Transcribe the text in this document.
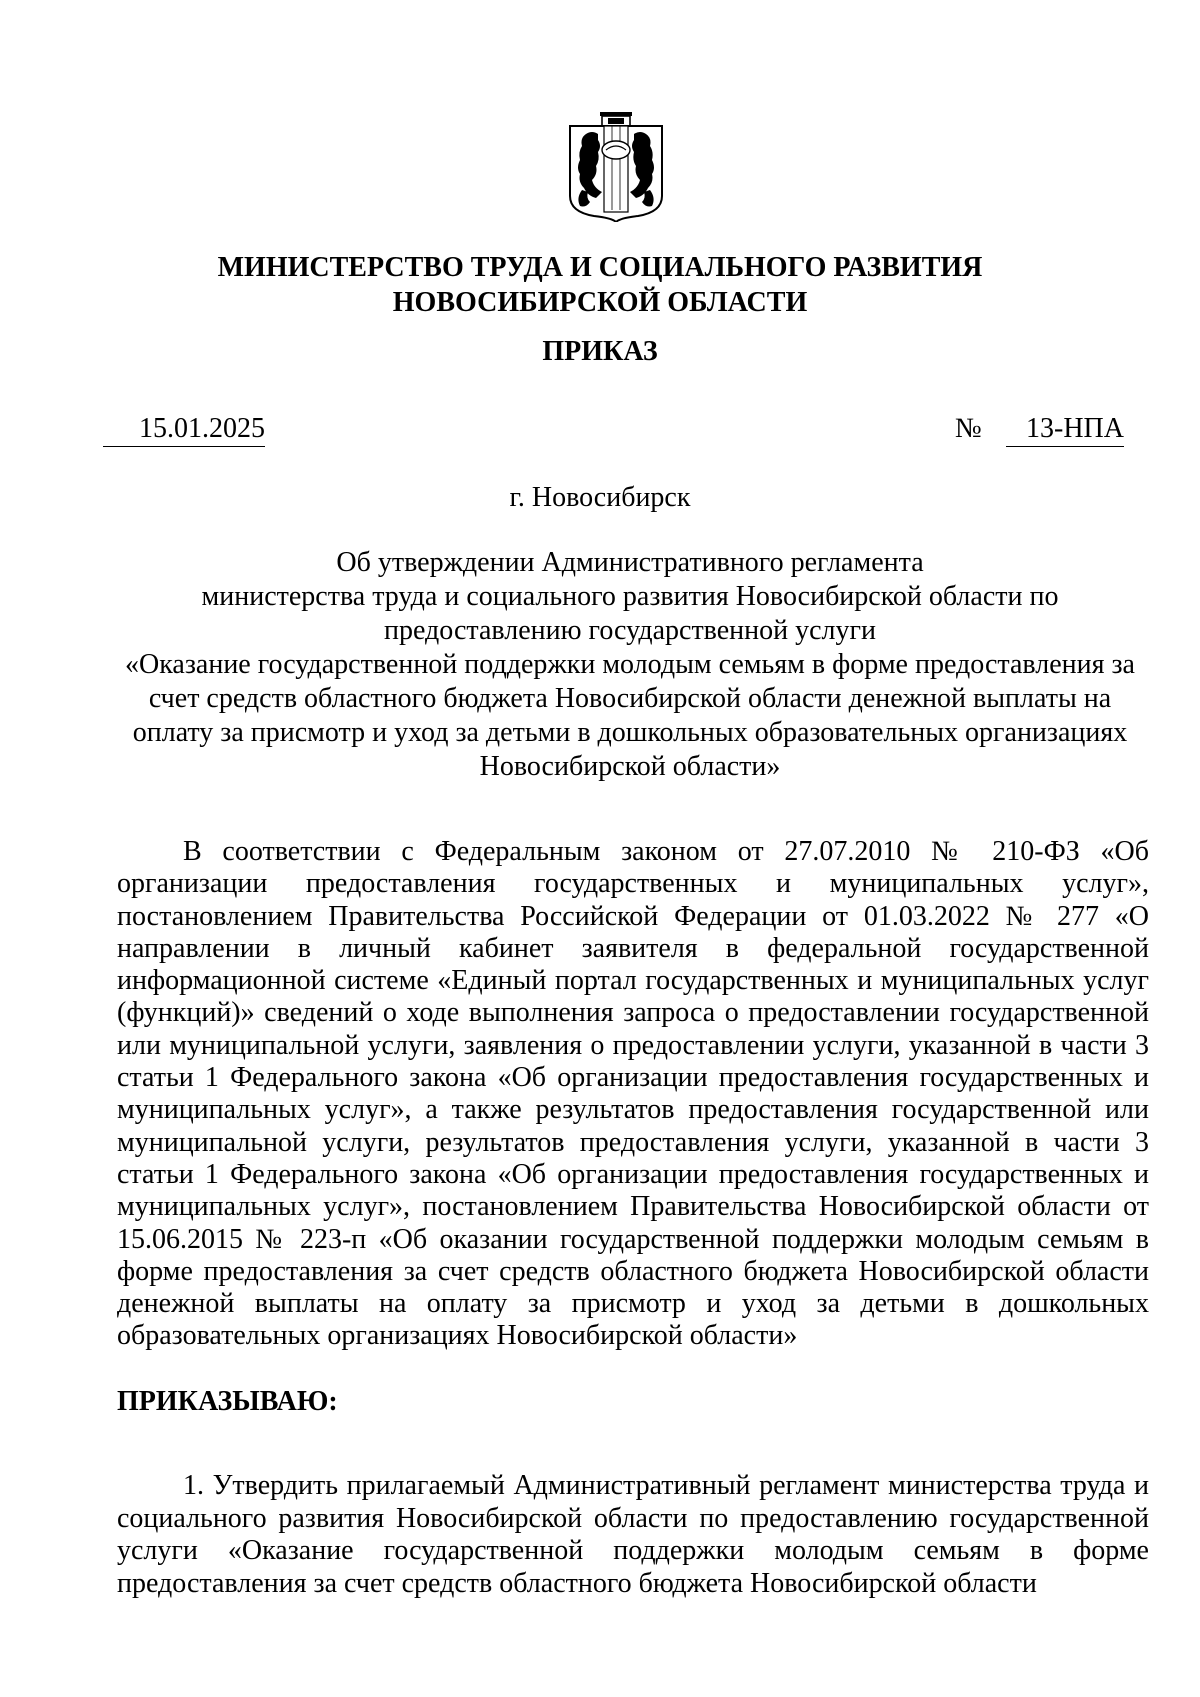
МИНИСТЕРСТВО ТРУДА И СОЦИАЛЬНОГО РАЗВИТИЯ
НОВОСИБИРСКОЙ ОБЛАСТИ
ПРИКАЗ
15.01.2025	№	13-НПА
г. Новосибирск
Об утверждении Административного регламента
министерства труда и социального развития Новосибирской области по
предоставлению государственной услуги
«Оказание государственной поддержки молодым семьям в форме предоставления за счет средств областного бюджета Новосибирской области денежной выплаты на оплату за присмотр и уход за детьми в дошкольных образовательных организациях Новосибирской области»

В соответствии с Федеральным законом от 27.07.2010 № 210-ФЗ «Об организации предоставления государственных и муниципальных услуг», постановлением Правительства Российской Федерации от 01.03.2022 № 277 «О направлении в личный кабинет заявителя в федеральной государственной информационной системе «Единый портал государственных и муниципальных услуг (функций)» сведений о ходе выполнения запроса о предоставлении государственной или муниципальной услуги, заявления о предоставлении услуги, указанной в части 3 статьи 1 Федерального закона «Об организации предоставления государственных и муниципальных услуг», а также результатов предоставления государственной или муниципальной услуги, результатов предоставления услуги, указанной в части 3 статьи 1 Федерального закона «Об организации предоставления государственных и муниципальных услуг», постановлением Правительства Новосибирской области от 15.06.2015 № 223-п «Об оказании государственной поддержки молодым семьям в форме предоставления за счет средств областного бюджета Новосибирской области денежной выплаты на оплату за присмотр и уход за детьми в дошкольных образовательных организациях Новосибирской области»

ПРИКАЗЫВАЮ:

1. Утвердить прилагаемый Административный регламент министерства труда и социального развития Новосибирской области по предоставлению государственной услуги «Оказание государственной поддержки молодым семьям в форме предоставления за счет средств областного бюджета Новосибирской области
